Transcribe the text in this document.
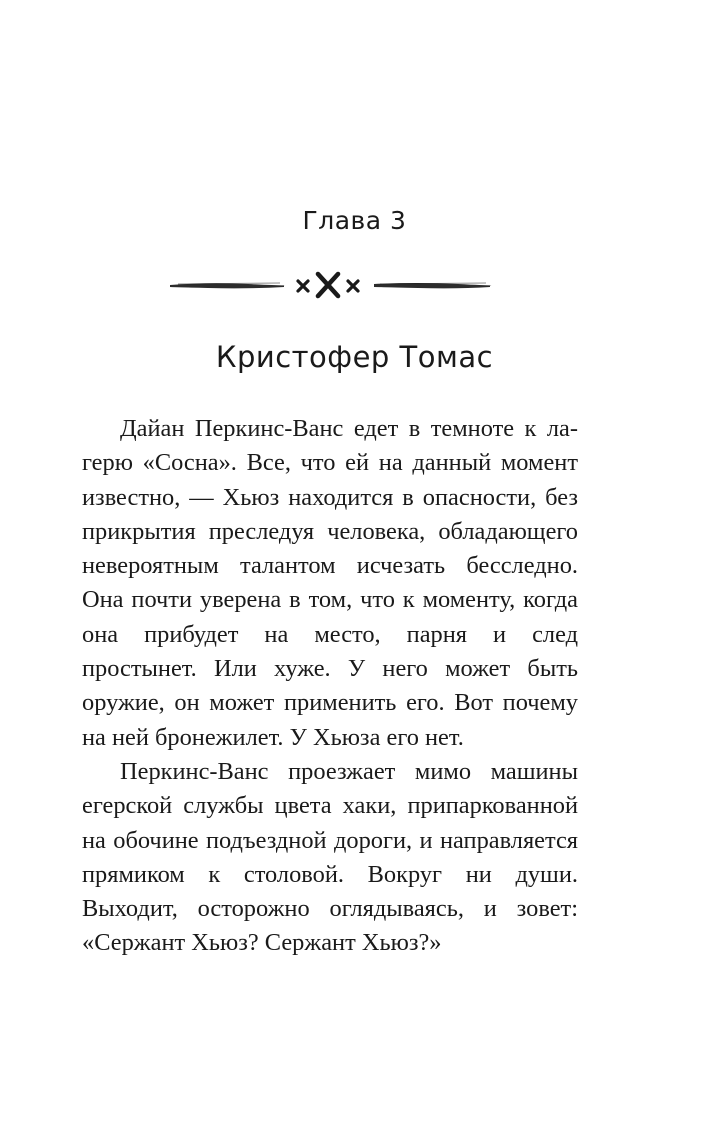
Глава 3
Кристофер Томас

Дайан Перкинс-Ванс едет в темноте к лагерю «Сосна». Все, что ей на данный момент известно, — Хьюз находится в опасности, без прикрытия преследуя человека, обладающего невероятным талантом исчезать бесследно. Она почти уверена в том, что к моменту, когда она прибудет на место, парня и след простынет. Или хуже. У него может быть оружие, он может применить его. Вот почему на ней бронежилет. У Хьюза его нет.

Перкинс-Ванс проезжает мимо машины егерской службы цвета хаки, припаркованной на обочине подъездной дороги, и направляется прямиком к столовой. Вокруг ни души. Выходит, осторожно оглядываясь, и зовет: «Сержант Хьюз? Сержант Хьюз?»
